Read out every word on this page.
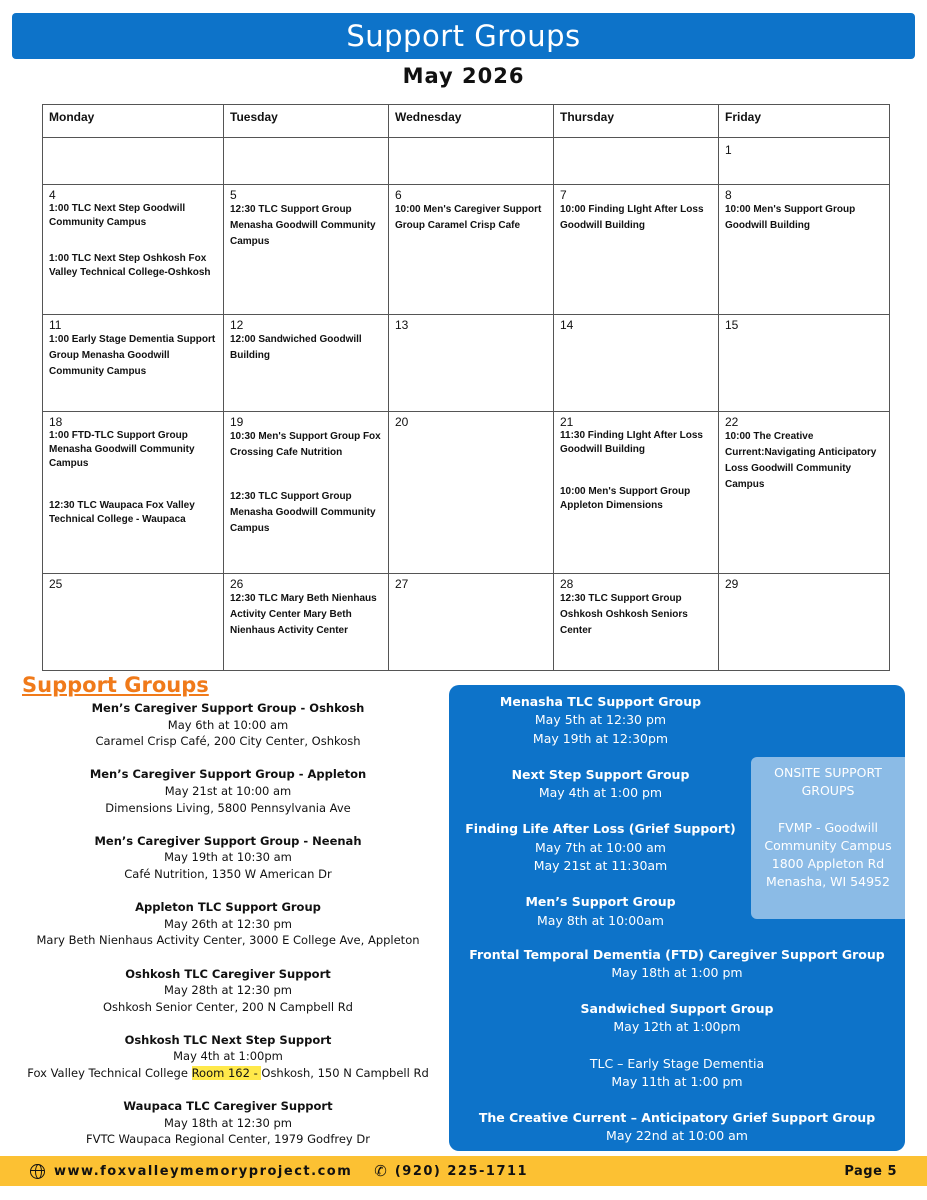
Support Groups
May 2026
Monday	Tuesday	Wednesday	Thursday	Friday

				1

4
1:00 TLC Next Step Goodwill Community Campus
1:00 TLC Next Step Oshkosh Fox Valley Technical College-Oshkosh	5
12:30 TLC Support Group Menasha Goodwill Community Campus	6
10:00 Men's Caregiver Support Group Caramel Crisp Cafe	7
10:00 Finding LIght After Loss Goodwill Building	8
10:00 Men's Support Group Goodwill Building

11
1:00 Early Stage Dementia Support Group Menasha Goodwill Community Campus	12
12:00 Sandwiched Goodwill Building	13	14	15

18
1:00 FTD-TLC Support Group Menasha Goodwill Community Campus
12:30 TLC Waupaca Fox Valley Technical College - Waupaca	19
10:30 Men's Support Group Fox Crossing Cafe Nutrition
12:30 TLC Support Group Menasha Goodwill Community Campus	20	21
11:30 Finding LIght After Loss Goodwill Building
10:00 Men's Support Group Appleton Dimensions	22
10:00 The Creative Current:Navigating Anticipatory Loss Goodwill Community Campus

25	26
12:30 TLC Mary Beth Nienhaus Activity Center Mary Beth Nienhaus Activity Center	27	28
12:30 TLC Support Group Oshkosh Oshkosh Seniors Center	29
Support Groups
Men’s Caregiver Support Group - Oshkosh
May 6th at 10:00 am
Caramel Crisp Café, 200 City Center, Oshkosh
Men’s Caregiver Support Group - Appleton
May 21st at 10:00 am
Dimensions Living, 5800 Pennsylvania Ave
Men’s Caregiver Support Group - Neenah
May 19th at 10:30 am
Café Nutrition, 1350 W American Dr
Appleton TLC Support Group
May 26th at 12:30 pm
Mary Beth Nienhaus Activity Center, 3000 E College Ave, Appleton
Oshkosh TLC Caregiver Support
May 28th at 12:30 pm
Oshkosh Senior Center, 200 N Campbell Rd
Oshkosh TLC Next Step Support
May 4th at 1:00pm
Fox Valley Technical College Room 162 - Oshkosh, 150 N Campbell Rd
Waupaca TLC Caregiver Support
May 18th at 12:30 pm
FVTC Waupaca Regional Center, 1979 Godfrey Dr
Menasha TLC Support Group
May 5th at 12:30 pm
May 19th at 12:30pm
Next Step Support Group
May 4th at 1:00 pm
Finding Life After Loss (Grief Support)
May 7th at 10:00 am
May 21st at 11:30am
Men’s Support Group
May 8th at 10:00am
Frontal Temporal Dementia (FTD) Caregiver Support Group
May 18th at 1:00 pm
Sandwiched Support Group
May 12th at 1:00pm
TLC – Early Stage Dementia
May 11th at 1:00 pm
The Creative Current – Anticipatory Grief Support Group
May 22nd at 10:00 am
ONSITE SUPPORT
GROUPS
FVMP - Goodwill
Community Campus
1800 Appleton Rd
Menasha, WI 54952
www.foxvalleymemoryproject.com ✆ (920) 225-1711	Page 5
